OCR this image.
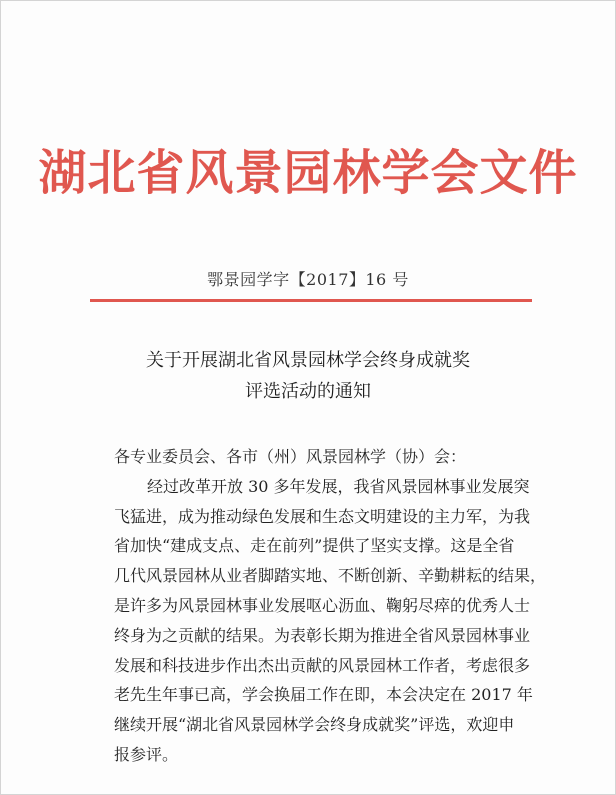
湖北省风景园林学会文件
鄂景园学字【2017】16 号
关于开展湖北省风景园林学会终身成就奖
评选活动的通知
各专业委员会、各市（州）风景园林学（协）会：
经过改革开放 30 多年发展，我省风景园林事业发展突
飞猛进，成为推动绿色发展和生态文明建设的主力军，为我
省加快“建成支点、走在前列”提供了坚实支撑。这是全省
几代风景园林从业者脚踏实地、不断创新、辛勤耕耘的结果，
是许多为风景园林事业发展呕心沥血、鞠躬尽瘁的优秀人士
终身为之贡献的结果。为表彰长期为推进全省风景园林事业
发展和科技进步作出杰出贡献的风景园林工作者，考虑很多
老先生年事已高，学会换届工作在即，本会决定在 2017 年
继续开展“湖北省风景园林学会终身成就奖”评选，欢迎申
报参评。
